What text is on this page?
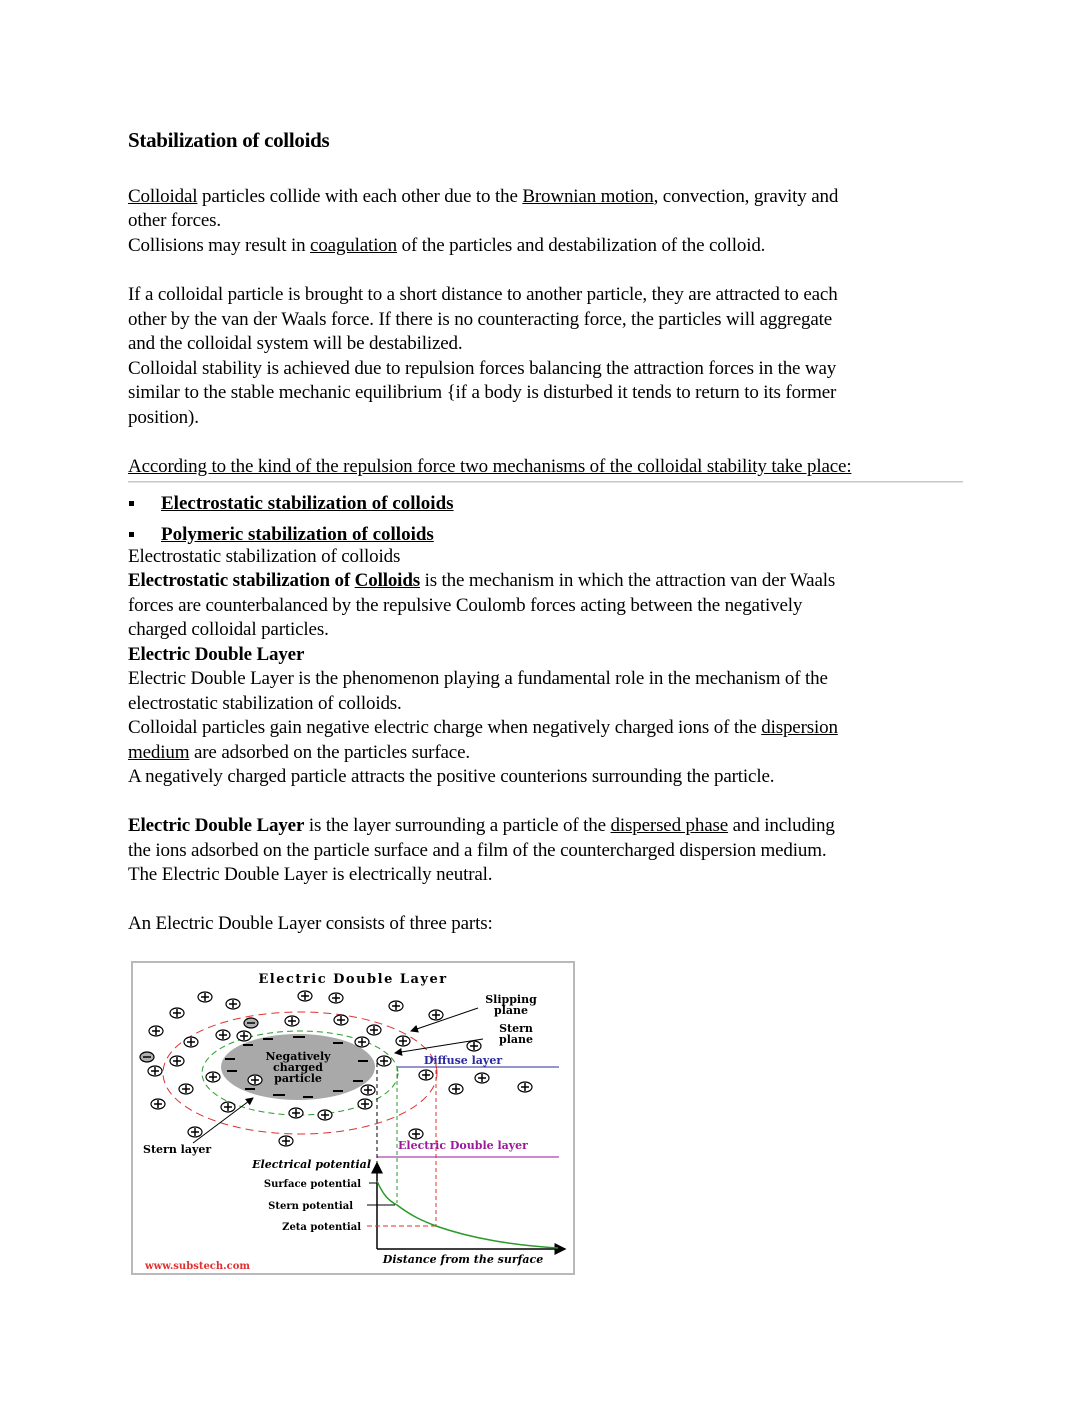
Stabilization of colloids

Colloidal particles collide with each other due to the Brownian motion, convection, gravity and

other forces.

Collisions may result in coagulation of the particles and destabilization of the colloid.

If a colloidal particle is brought to a short distance to another particle, they are attracted to each

other by the van der Waals force. If there is no counteracting force, the particles will aggregate

and the colloidal system will be destabilized.

Colloidal stability is achieved due to repulsion forces balancing the attraction forces in the way

similar to the stable mechanic equilibrium {if a body is disturbed it tends to return to its former

position).

According to the kind of the repulsion force two mechanisms of the colloidal stability take place:

Electrostatic stabilization of colloids
Polymeric stabilization of colloids

Electrostatic stabilization of colloids

Electrostatic stabilization of Colloids is the mechanism in which the attraction van der Waals

forces are counterbalanced by the repulsive Coulomb forces acting between the negatively

charged colloidal particles.

Electric Double Layer

Electric Double Layer is the phenomenon playing a fundamental role in the mechanism of the

electrostatic stabilization of colloids.

Colloidal particles gain negative electric charge when negatively charged ions of the dispersion

medium are adsorbed on the particles surface.

A negatively charged particle attracts the positive counterions surrounding the particle.

Electric Double Layer is the layer surrounding a particle of the dispersed phase and including

the ions adsorbed on the particle surface and a film of the countercharged dispersion medium.

The Electric Double Layer is electrically neutral.

An Electric Double Layer consists of three parts:

Electric Double Layer
Negatively
charged
particle
Slipping
plane
Stern
plane
Diffuse layer
Stern layer	Electric Double layer
Electrical potential
Surface potential
Stern potential
Zeta potential
Distance from the surface
www.substech.com
